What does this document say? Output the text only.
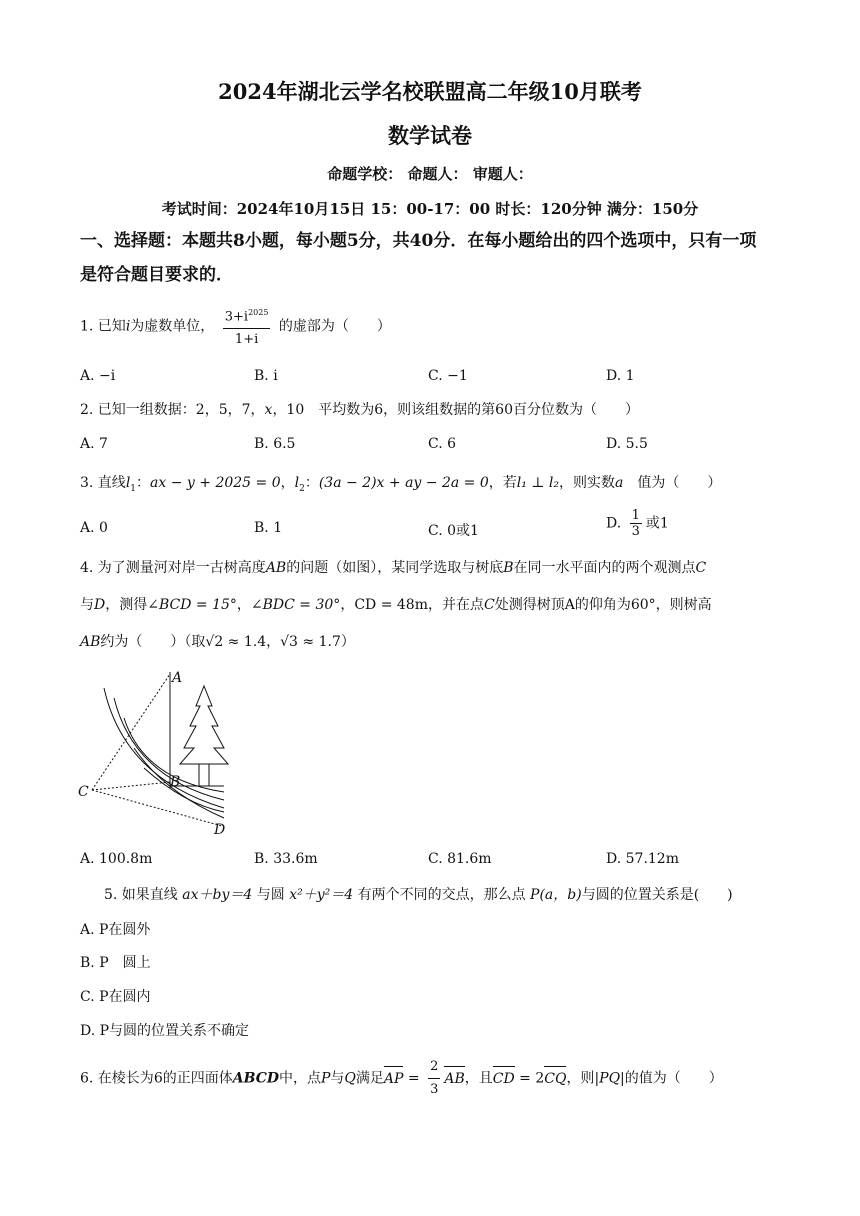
2024年湖北云学名校联盟高二年级10月联考
数学试卷
命题学校： 命题人： 审题人：
考试时间：2024年10月15日 15：00-17：00 时长：120分钟 满分：150分
一、选择题：本题共8小题，每小题5分，共40分．在每小题给出的四个选项中，只有一项
是符合题目要求的．
1. 已知i为虚数单位， $\frac{3+i^{2025}}{1+i}$ 的虚部为（　　）
A. −i	B. i	C. −1	D. 1
2. 已知一组数据：2，5，7，x，10　平均数为6，则该组数据的第60百分位数为（　　）
A. 7	B. 6.5	C. 6	D. 5.5
3. 直线$l_1$：ax − y + 2025 = 0，$l_2$：(3a − 2)x + ay − 2a = 0，若l₁ ⊥ l₂，则实数a　值为（　　）
A. 0	B. 1	C. 0或1	D. $\frac{1}{3}$ 或1
4. 为了测量河对岸一古树高度AB的问题（如图），某同学选取与树底B在同一水平面内的两个观测点C
与D，测得∠BCD = 15°，∠BDC = 30°，CD = 48m，并在点C处测得树顶A的仰角为60°，则树高
AB约为（　　）（取√2 ≈ 1.4，√3 ≈ 1.7）
A
B
C
D
A. 100.8m	B. 33.6m	C. 81.6m	D. 57.12m
5. 如果直线 ax＋by＝4 与圆 x²＋y²＝4 有两个不同的交点，那么点 P(a，b)与圆的位置关系是(　　)
A. P在圆外
B. P　圆上
C. P在圆内
D. P与圆的位置关系不确定
6. 在棱长为6的正四面体ABCD中，点P与Q满足AP = $\frac{2}{3}$ AB，且CD = 2CQ，则|PQ|的值为（　　）
